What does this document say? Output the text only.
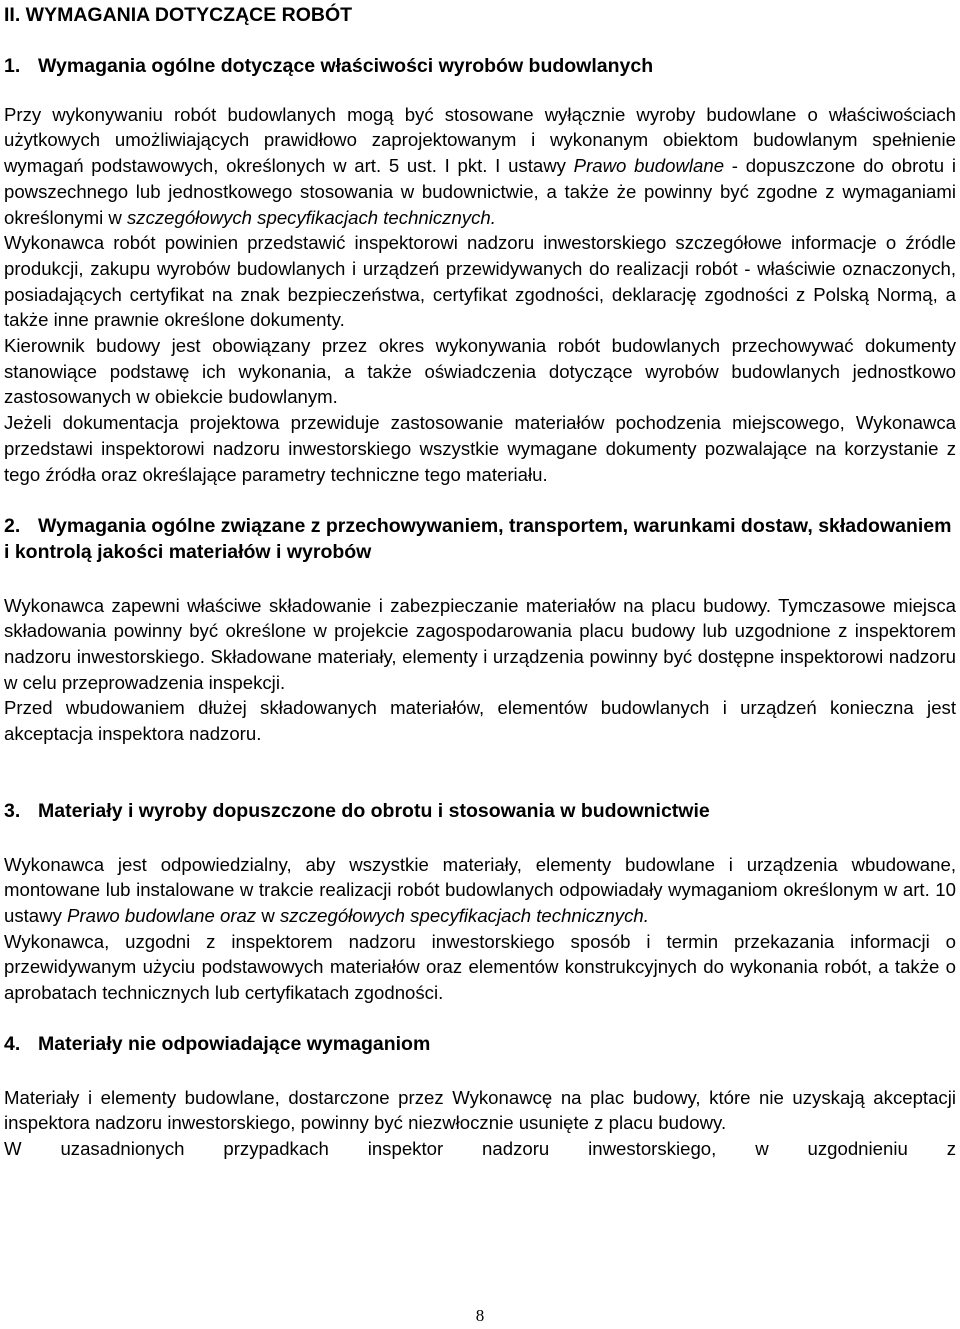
II. WYMAGANIA DOTYCZĄCE ROBÓT
1. Wymagania ogólne dotyczące właściwości wyrobów budowlanych

Przy wykonywaniu robót budowlanych mogą być stosowane wyłącznie wyroby budowlane o właściwościach użytkowych umożliwiających prawidłowo zaprojektowanym i wykonanym obiektom budowlanym spełnienie wymagań podstawowych, określonych w art. 5 ust. I pkt. I ustawy Prawo budowlane - dopuszczone do obrotu i powszechnego lub jednostkowego stosowania w budownictwie, a także że powinny być zgodne z wymaganiami określonymi w szczegółowych specyfikacjach technicznych.

Wykonawca robót powinien przedstawić inspektorowi nadzoru inwestorskiego szczegółowe informacje o źródle produkcji, zakupu wyrobów budowlanych i urządzeń przewidywanych do realizacji robót - właściwie oznaczonych, posiadających certyfikat na znak bezpieczeństwa, certyfikat zgodności, deklarację zgodności z Polską Normą, a także inne prawnie określone dokumenty.

Kierownik budowy jest obowiązany przez okres wykonywania robót budowlanych przechowywać dokumenty stanowiące podstawę ich wykonania, a także oświadczenia dotyczące wyrobów budowlanych jednostkowo zastosowanych w obiekcie budowlanym.

Jeżeli dokumentacja projektowa przewiduje zastosowanie materiałów pochodzenia miejscowego, Wykonawca przedstawi inspektorowi nadzoru inwestorskiego wszystkie wymagane dokumenty pozwalające na korzystanie z tego źródła oraz określające parametry techniczne tego materiału.

2. Wymagania ogólne związane z przechowywaniem, transportem, warunkami dostaw, składowaniem i kontrolą jakości materiałów i wyrobów

Wykonawca zapewni właściwe składowanie i zabezpieczanie materiałów na placu budowy. Tymczasowe miejsca składowania powinny być określone w projekcie zagospodarowania placu budowy lub uzgodnione z inspektorem nadzoru inwestorskiego. Składowane materiały, elementy i urządzenia powinny być dostępne inspektorowi nadzoru w celu przeprowadzenia inspekcji.

Przed wbudowaniem dłużej składowanych materiałów, elementów budowlanych i urządzeń konieczna jest akceptacja inspektora nadzoru.

3. Materiały i wyroby dopuszczone do obrotu i stosowania w budownictwie

Wykonawca jest odpowiedzialny, aby wszystkie materiały, elementy budowlane i urządzenia wbudowane, montowane lub instalowane w trakcie realizacji robót budowlanych odpowiadały wymaganiom określonym w art. 10 ustawy Prawo budowlane oraz w szczegółowych specyfikacjach technicznych.

Wykonawca, uzgodni z inspektorem nadzoru inwestorskiego sposób i termin przekazania informacji o przewidywanym użyciu podstawowych materiałów oraz elementów konstrukcyjnych do wykonania robót, a także o aprobatach technicznych lub certyfikatach zgodności.

4. Materiały nie odpowiadające wymaganiom

Materiały i elementy budowlane, dostarczone przez Wykonawcę na plac budowy, które nie uzyskają akceptacji inspektora nadzoru inwestorskiego, powinny być niezwłocznie usunięte z placu budowy.

W uzasadnionych przypadkach inspektor nadzoru inwestorskiego, w uzgodnieniu z

8
